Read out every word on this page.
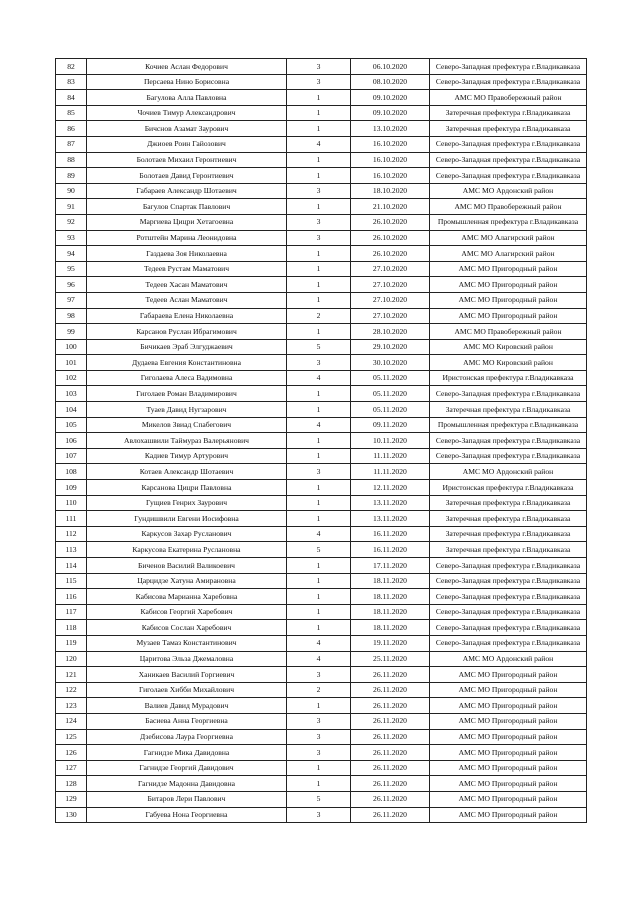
82	Кочиев Аслан Федорович	3	06.10.2020	Северо-Западная префектура г.Владикавказа
83	Персаева Нино Борисовна	3	08.10.2020	Северо-Западная префектура г.Владикавказа
84	Багулова Алла Павловна	1	09.10.2020	АМС МО Правобережный район
85	Чочиев Тимур Александрович	1	09.10.2020	Затеречная префектура г.Владикавказа
86	Бичснов Азамат Заурович	1	13.10.2020	Затеречная префектура г.Владикавказа
87	Джиоев Роин Гайозович	4	16.10.2020	Северо-Западная префектура г.Владикавказа
88	Болотаев Михаил Геронтиевич	1	16.10.2020	Северо-Западная префектура г.Владикавказа
89	Болотаев Давид Геронтиевич	1	16.10.2020	Северо-Западная префектура г.Владикавказа
90	Габараев Александр Шотаевич	3	18.10.2020	АМС МО Ардонский район
91	Багулов Спартак Павлович	1	21.10.2020	АМС МО Правобережный район
92	Маргиева Цицри Хетагоевна	3	26.10.2020	Промышленная префектура г.Владикавказа
93	Ротштейн Марина Леонидовна	3	26.10.2020	АМС МО Алагирский район
94	Газдаева Зоя Николаевна	1	26.10.2020	АМС МО Алагирский район
95	Тедеев Рустам Маматович	1	27.10.2020	АМС МО Пригородный район
96	Тедеев Хасан Маматович	1	27.10.2020	АМС МО Пригородный район
97	Тедеев Аслан Маматович	1	27.10.2020	АМС МО Пригородный район
98	Габараева Елена Николаевна	2	27.10.2020	АМС МО Пригородный район
99	Карсанов Руслан Ибрагимович	1	28.10.2020	АМС МО Правобережный район
100	Бичикаев Эраб Элгуджаевич	5	29.10.2020	АМС МО Кировский район
101	Дудаева Евгения Константиновна	3	30.10.2020	АМС МО Кировский район
102	Гиголаева Алеса Вадимовна	4	05.11.2020	Иристонская префектура г.Владикавказа
103	Гиголаев Роман Владимирович	1	05.11.2020	Северо-Западная префектура г.Владикавказа
104	Туаев Давид Нугзарович	1	05.11.2020	Затеречная префектура г.Владикавказа
105	Микелов Звиад Спабегович	4	09.11.2020	Промышленная префектура г.Владикавказа
106	Авлохашвили Таймураз Валерьянович	1	10.11.2020	Северо-Западная префектура г.Владикавказа
107	Кадиев Тимур Артурович	1	11.11.2020	Северо-Западная префектура г.Владикавказа
108	Котаев Александр Шотаевич	3	11.11.2020	АМС МО Ардонский район
109	Карсанова Цицри Павловна	1	12.11.2020	Иристонская префектура г.Владикавказа
110	Гущиев Генрих Заурович	1	13.11.2020	Затеречная префектура г.Владикавказа
111	Гундишвили Евгени Иосифовна	1	13.11.2020	Затеречная префектура г.Владикавказа
112	Каркусов Захар Русланович	4	16.11.2020	Затеречная префектура г.Владикавказа
113	Каркусова Екатерина Руслановна	5	16.11.2020	Затеречная префектура г.Владикавказа
114	Биченов Василий Валикоевич	1	17.11.2020	Северо-Западная префектура г.Владикавказа
115	Царцидзе Хатуна Амирановна	1	18.11.2020	Северо-Западная префектура г.Владикавказа
116	Кабисова Марианна Харебовна	1	18.11.2020	Северо-Западная префектура г.Владикавказа
117	Кабисов Георгий Харебович	1	18.11.2020	Северо-Западная префектура г.Владикавказа
118	Кабисов Сослан Харебович	1	18.11.2020	Северо-Западная префектура г.Владикавказа
119	Музаев Тамаз Константинович	4	19.11.2020	Северо-Западная префектура г.Владикавказа
120	Царитова Эльза Джемаловна	4	25.11.2020	АМС МО Ардонский район
121	Ханикаев Василий Горгиевич	3	26.11.2020	АМС МО Пригородный район
122	Гиголаев Хибби Михайлович	2	26.11.2020	АМС МО Пригородный район
123	Валиев Давид Мурадович	1	26.11.2020	АМС МО Пригородный район
124	Басиева Анна Георгиевна	3	26.11.2020	АМС МО Пригородный район
125	Дзебисова Лаура Георгиевна	3	26.11.2020	АМС МО Пригородный район
126	Гагнидзе Мика Давидовна	3	26.11.2020	АМС МО Пригородный район
127	Гагнидзе Георгий Давидович	1	26.11.2020	АМС МО Пригородный район
128	Гагнидзе Мадонна Давидовна	1	26.11.2020	АМС МО Пригородный район
129	Битаров Лери Павлович	5	26.11.2020	АМС МО Пригородный район
130	Габуева Нона Георгиевна	3	26.11.2020	АМС МО Пригородный район
